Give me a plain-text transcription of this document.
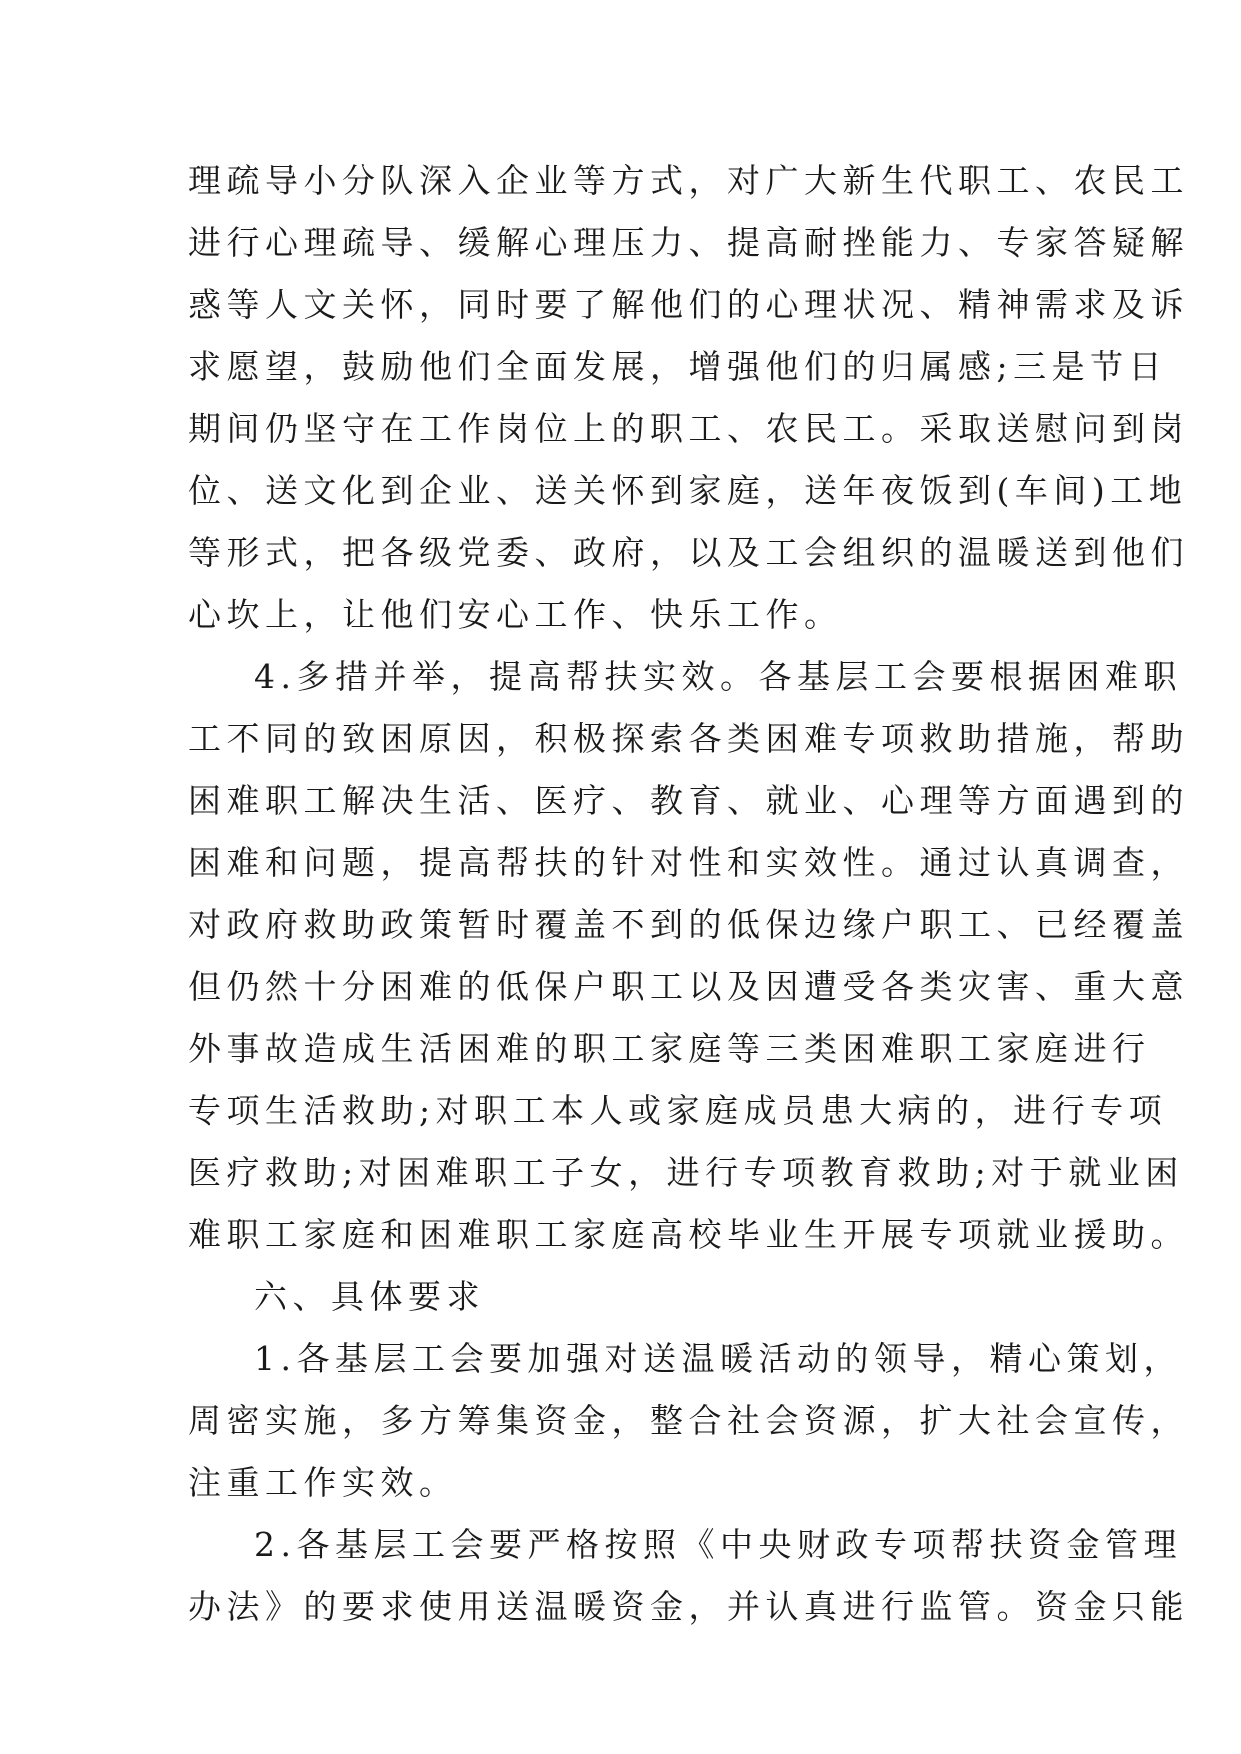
理疏导小分队深入企业等方式，对广大新生代职工、农民工
进行心理疏导、缓解心理压力、提高耐挫能力、专家答疑解
惑等人文关怀，同时要了解他们的心理状况、精神需求及诉
求愿望，鼓励他们全面发展，增强他们的归属感;三是节日
期间仍坚守在工作岗位上的职工、农民工。采取送慰问到岗
位、送文化到企业、送关怀到家庭，送年夜饭到(车间)工地
等形式，把各级党委、政府，以及工会组织的温暖送到他们
心坎上，让他们安心工作、快乐工作。
4.多措并举，提高帮扶实效。各基层工会要根据困难职
工不同的致困原因，积极探索各类困难专项救助措施，帮助
困难职工解决生活、医疗、教育、就业、心理等方面遇到的
困难和问题，提高帮扶的针对性和实效性。通过认真调查，
对政府救助政策暂时覆盖不到的低保边缘户职工、已经覆盖
但仍然十分困难的低保户职工以及因遭受各类灾害、重大意
外事故造成生活困难的职工家庭等三类困难职工家庭进行
专项生活救助;对职工本人或家庭成员患大病的，进行专项
医疗救助;对困难职工子女，进行专项教育救助;对于就业困
难职工家庭和困难职工家庭高校毕业生开展专项就业援助。
六、具体要求
1.各基层工会要加强对送温暖活动的领导，精心策划，
周密实施，多方筹集资金，整合社会资源，扩大社会宣传，
注重工作实效。
2.各基层工会要严格按照《中央财政专项帮扶资金管理
办法》的要求使用送温暖资金，并认真进行监管。资金只能
